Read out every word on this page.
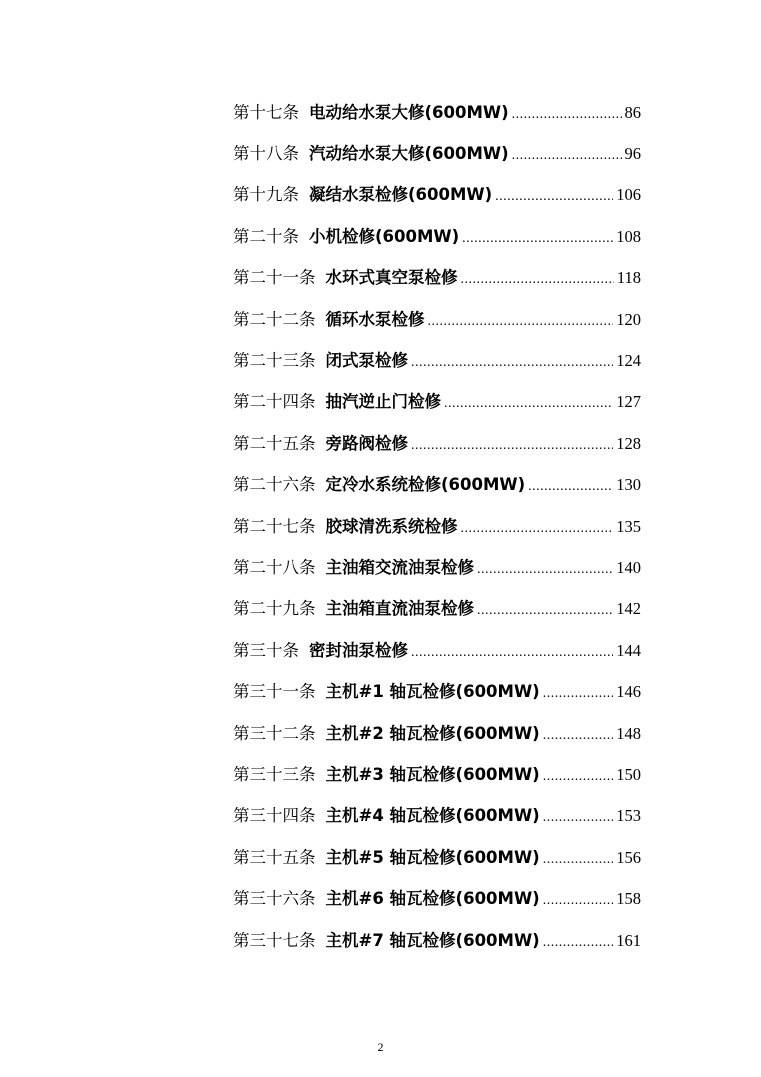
第十七条 电动给水泵大修(600MW) .....	86
第十八条 汽动给水泵大修(600MW) .....	96
第十九条 凝结水泵检修(600MW) .....	106
第二十条 小机检修(600MW) .....	108
第二十一条 水环式真空泵检修 .....	118
第二十二条 循环水泵检修 .....	120
第二十三条 闭式泵检修 .....	124
第二十四条 抽汽逆止门检修 .....	127
第二十五条 旁路阀检修 .....	128
第二十六条 定冷水系统检修(600MW) .....	130
第二十七条 胶球清洗系统检修 .....	135
第二十八条 主油箱交流油泵检修 .....	140
第二十九条 主油箱直流油泵检修 .....	142
第三十条 密封油泵检修 .....	144
第三十一条 主机#1 轴瓦检修(600MW) .....	146
第三十二条 主机#2 轴瓦检修(600MW) .....	148
第三十三条 主机#3 轴瓦检修(600MW) .....	150
第三十四条 主机#4 轴瓦检修(600MW) .....	153
第三十五条 主机#5 轴瓦检修(600MW) .....	156
第三十六条 主机#6 轴瓦检修(600MW) .....	158
第三十七条 主机#7 轴瓦检修(600MW) .....	161
2
